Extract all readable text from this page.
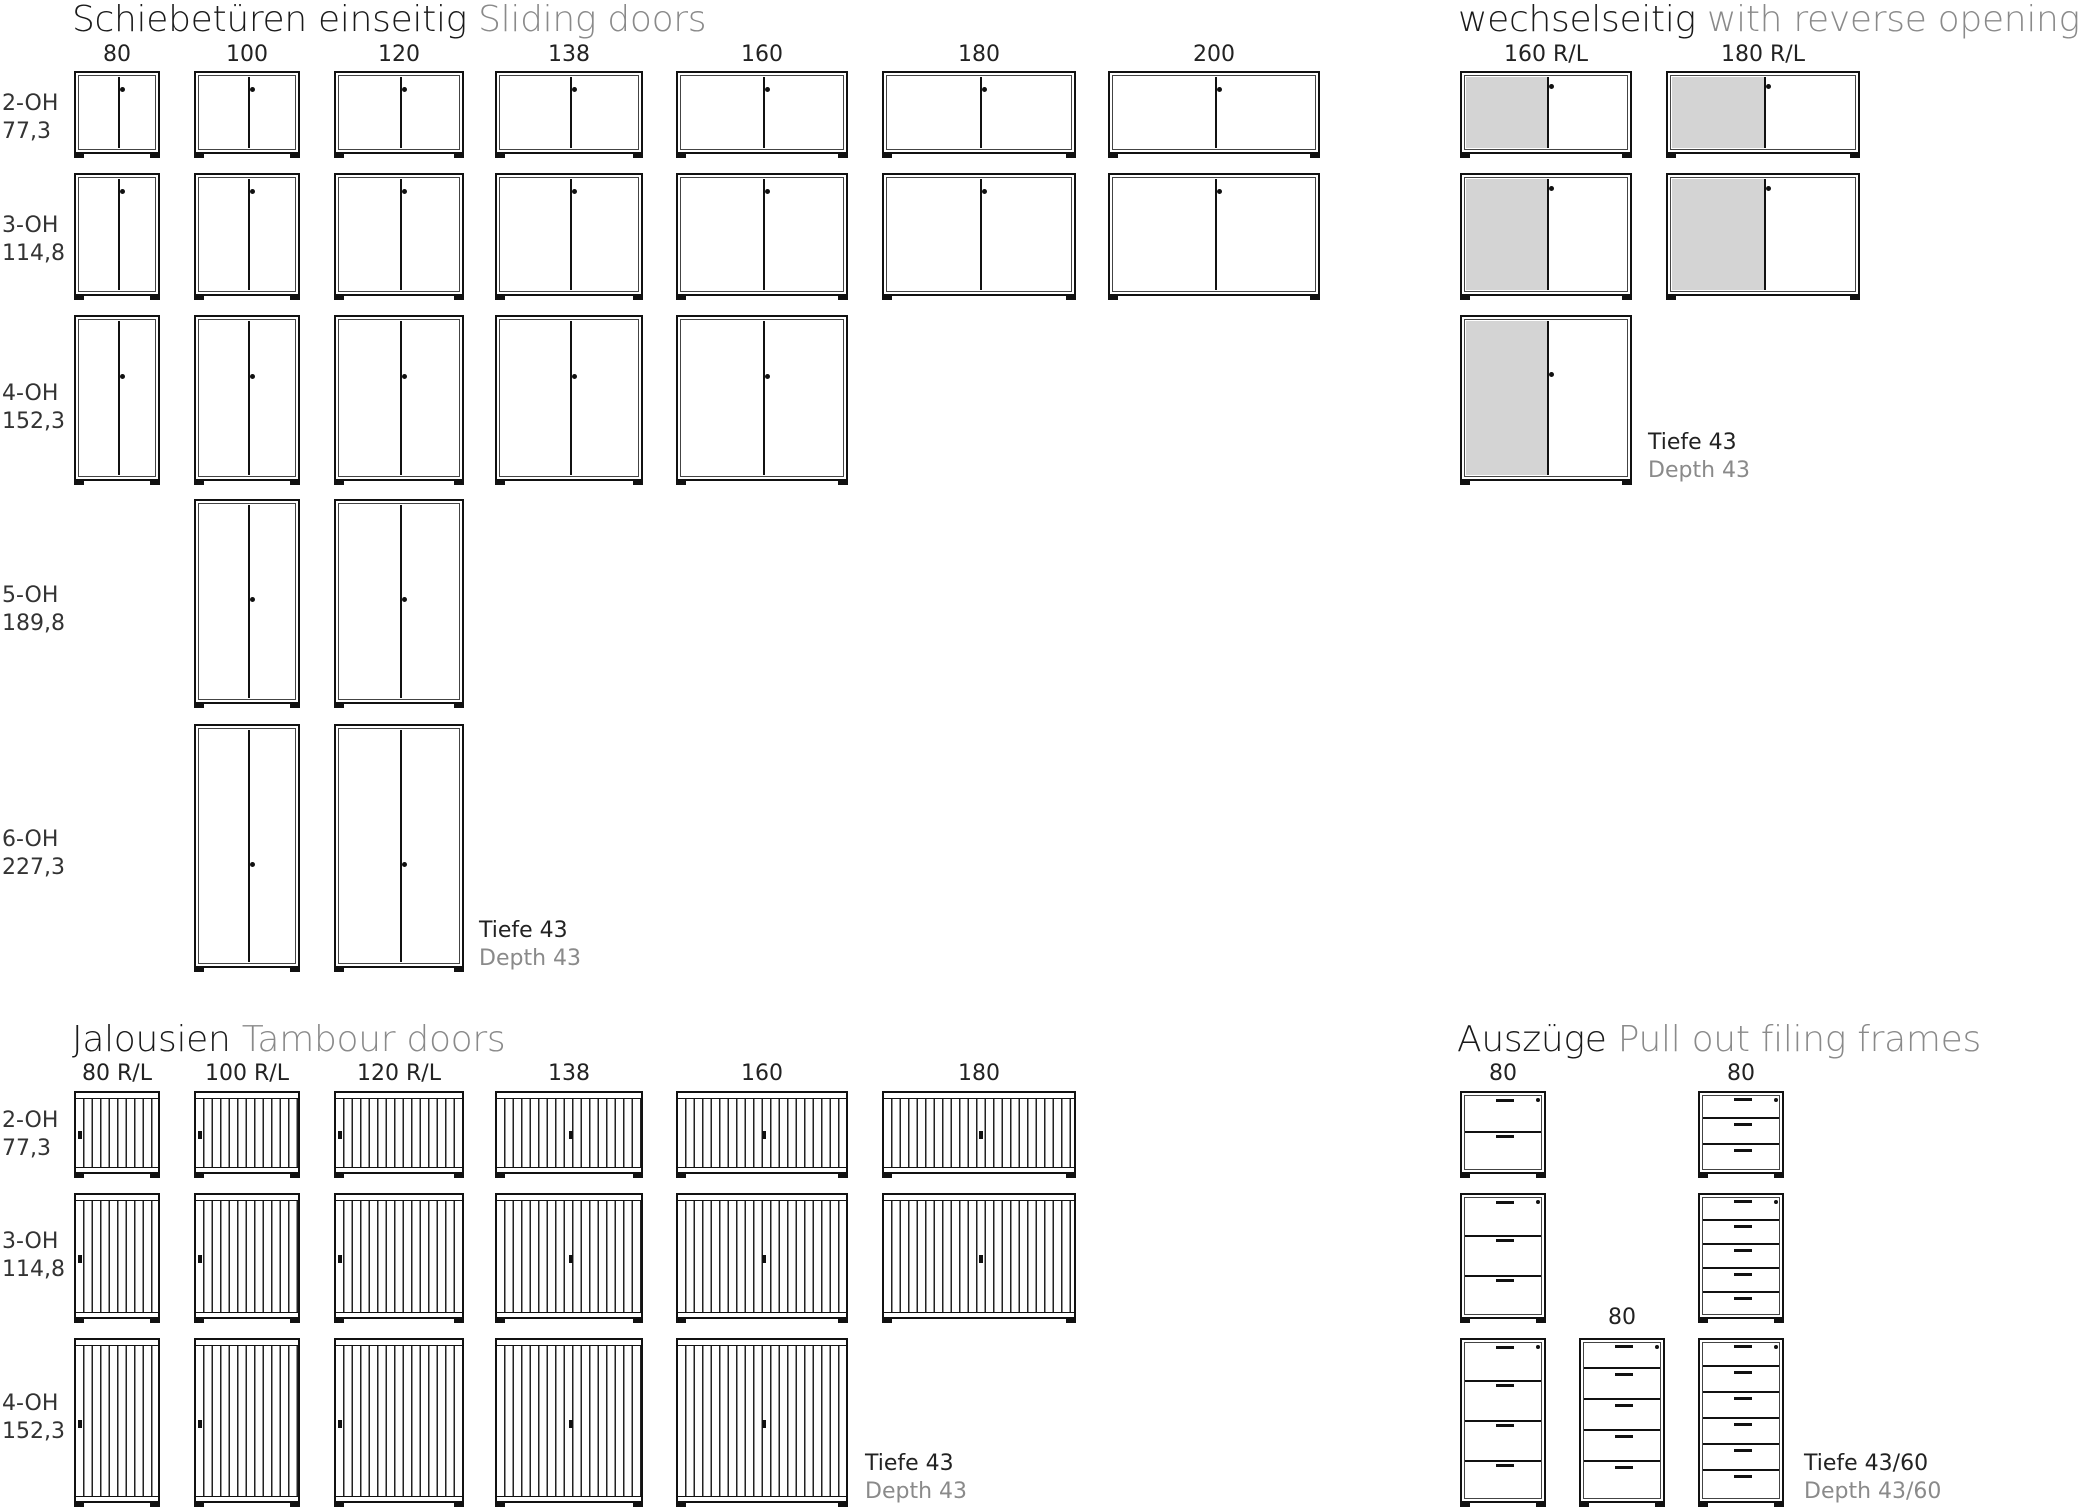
Schiebetüren einseitig Sliding doors
80	100	120	138	160	180	200
2-OH
77,3
3-OH
114,8
4-OH
152,3
5-OH
189,8
6-OH
227,3
Tiefe 43
Depth 43
wechselseitig with reverse opening
160 R/L	180 R/L
Tiefe 43
Depth 43
Jalousien Tambour doors
80 R/L	100 R/L	120 R/L	138	160	180
2-OH
77,3
3-OH
114,8
4-OH
152,3
Tiefe 43
Depth 43
Auszüge Pull out filing frames
80	80
80
Tiefe 43/60
Depth 43/60
